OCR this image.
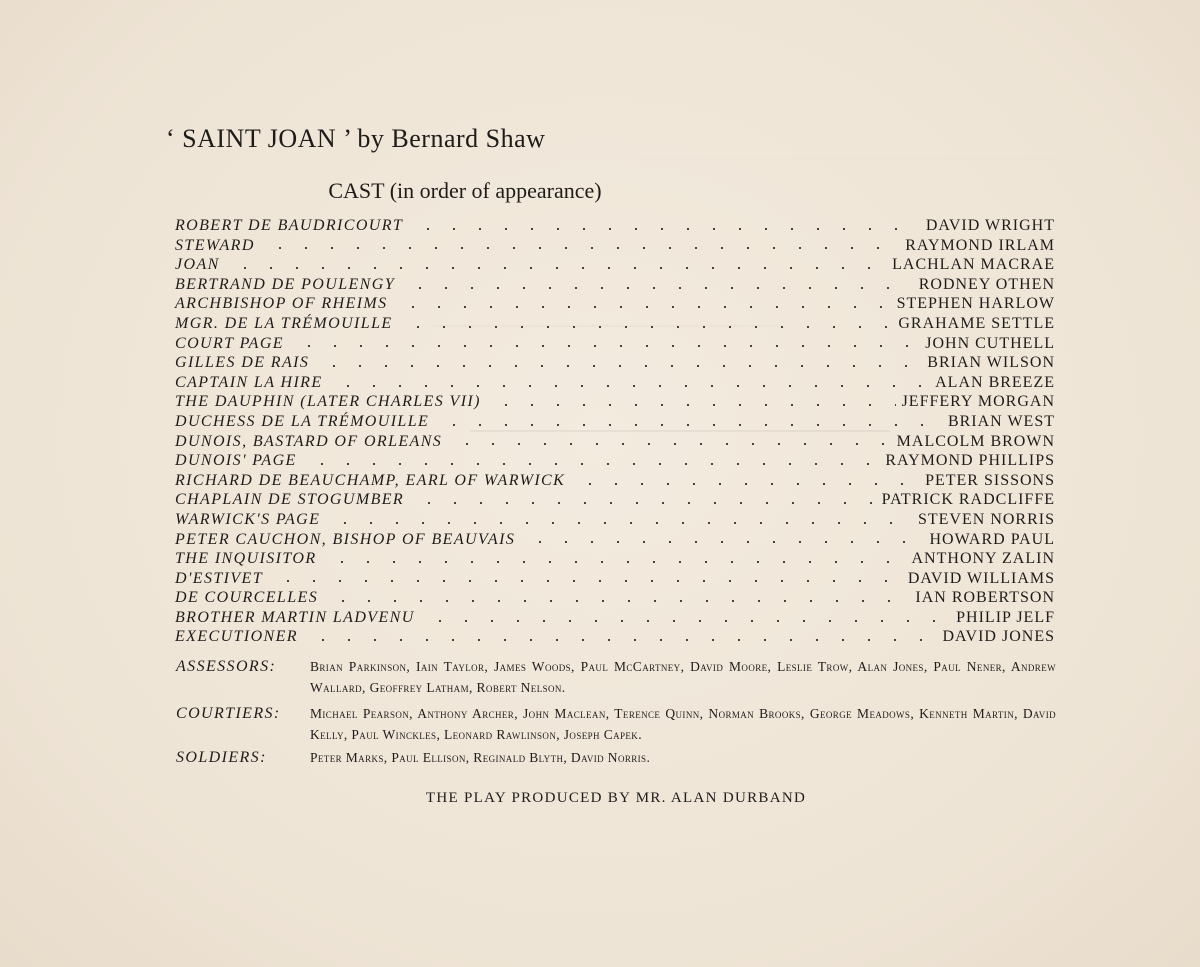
‘ SAINT JOAN ’ by Bernard Shaw
CAST (in order of appearance)
ROBERT DE BAUDRICOURT	DAVID WRIGHT
STEWARD	RAYMOND IRLAM
JOAN	LACHLAN MACRAE
BERTRAND DE POULENGY	RODNEY OTHEN
ARCHBISHOP OF RHEIMS	STEPHEN HARLOW
MGR. DE LA TRÉMOUILLE	GRAHAME SETTLE
COURT PAGE	JOHN CUTHELL
GILLES DE RAIS	BRIAN WILSON
CAPTAIN LA HIRE	ALAN BREEZE
THE DAUPHIN (LATER CHARLES VII)	JEFFERY MORGAN
DUCHESS DE LA TRÉMOUILLE	BRIAN WEST
DUNOIS, BASTARD OF ORLEANS	MALCOLM BROWN
DUNOIS' PAGE	RAYMOND PHILLIPS
RICHARD DE BEAUCHAMP, EARL OF WARWICK	PETER SISSONS
CHAPLAIN DE STOGUMBER	PATRICK RADCLIFFE
WARWICK'S PAGE	STEVEN NORRIS
PETER CAUCHON, BISHOP OF BEAUVAIS	HOWARD PAUL
THE INQUISITOR	ANTHONY ZALIN
D'ESTIVET	DAVID WILLIAMS
DE COURCELLES	IAN ROBERTSON
BROTHER MARTIN LADVENU	PHILIP JELF
EXECUTIONER	DAVID JONES
ASSESSORS:	Brian Parkinson, Iain Taylor, James Woods, Paul McCartney, David Moore, Leslie Trow, Alan Jones, Paul Nener, Andrew Wallard, Geoffrey Latham, Robert Nelson.
COURTIERS:	Michael Pearson, Anthony Archer, John Maclean, Terence Quinn, Norman Brooks, George Meadows, Kenneth Martin, David Kelly, Paul Winckles, Leonard Rawlinson, Joseph Capek.
SOLDIERS:	Peter Marks, Paul Ellison, Reginald Blyth, David Norris.
THE PLAY PRODUCED BY MR. ALAN DURBAND
